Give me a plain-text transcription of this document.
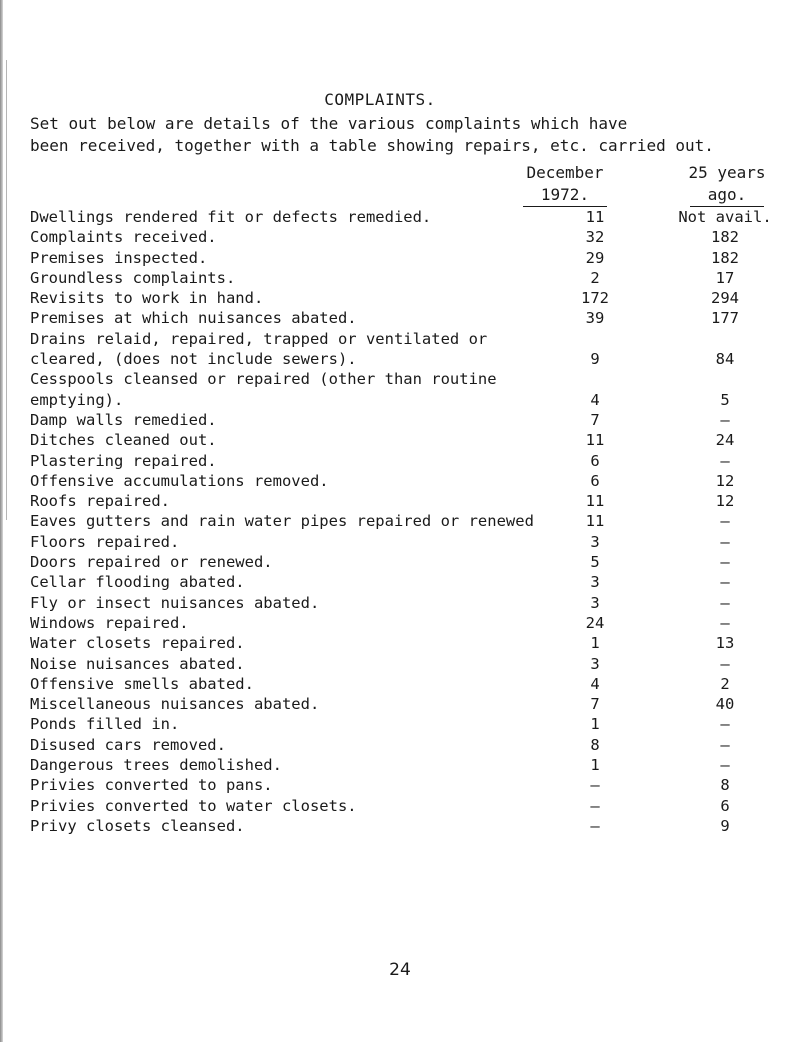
COMPLAINTS.
Set out below are details of the various complaints which have
been received, together with a table showing repairs, etc. carried out.
December
1972.
25 years
ago.
Dwellings rendered fit or defects remedied.	11	Not avail.
Complaints received.	32	182
Premises inspected.	29	182
Groundless complaints.	2	17
Revisits to work in hand.	172	294
Premises at which nuisances abated.	39	177
Drains relaid, repaired, trapped or ventilated or
cleared, (does not include sewers).	9	84
Cesspools cleansed or repaired (other than routine
emptying).	4	5
Damp walls remedied.	7	–
Ditches cleaned out.	11	24
Plastering repaired.	6	–
Offensive accumulations removed.	6	12
Roofs repaired.	11	12
Eaves gutters and rain water pipes repaired or renewed	11	–
Floors repaired.	3	–
Doors repaired or renewed.	5	–
Cellar flooding abated.	3	–
Fly or insect nuisances abated.	3	–
Windows repaired.	24	–
Water closets repaired.	1	13
Noise nuisances abated.	3	–
Offensive smells abated.	4	2
Miscellaneous nuisances abated.	7	40
Ponds filled in.	1	–
Disused cars removed.	8	–
Dangerous trees demolished.	1	–
Privies converted to pans.	–	8
Privies converted to water closets.	–	6
Privy closets cleansed.	–	9
24
